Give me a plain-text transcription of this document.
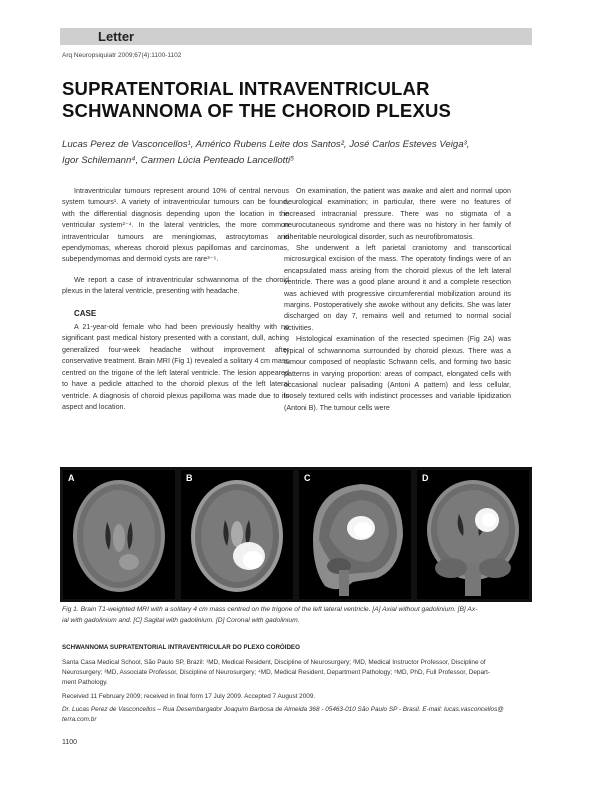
Letter
Arq Neuropsiquiatr 2009;67(4):1100-1102
SUPRATENTORIAL INTRAVENTRICULAR
SCHWANNOMA OF THE CHOROID PLEXUS
Lucas Perez de Vasconcellos¹, Américo Rubens Leite dos Santos², José Carlos Esteves Veiga³,
Igor Schilemann⁴, Carmen Lúcia Penteado Lancellotti⁵

Intraventricular tumours represent around 10% of central nervous system tumours¹. A variety of intraventricular tumours can be found, with the differential diagnosis depending upon the location in the ventricular system²⁻⁴. In the lateral ventricles, the more common intraventricular tumours are meningiomas, astrocytomas and ependymomas, whereas choroid plexus papillomas and carcinomas, subependymomas and dermoid cysts are rare³⁻⁵.

We report a case of intraventricular schwannoma of the choroid plexus in the lateral ventricle, presenting with headache.

CASE

A 21-year-old female who had been previously healthy with no significant past medical history presented with a constant, dull, aching generalized four-week headache without improvement after conservative treatment. Brain MRI (Fig 1) revealed a solitary 4 cm mass centred on the trigone of the left lateral ventricle. The lesion appeared to have a pedicle attached to the choroid plexus of the left lateral ventricle. A diagnosis of choroid plexus papilloma was made due to its aspect and location.

On examination, the patient was awake and alert and normal upon neurological examination; in particular, there were no features of increased intracranial pressure. There was no stigmata of a neurocutaneous syndrome and there was no history in her family of inheritable neurological disorder, such as neurofibromatosis.

She underwent a left parietal craniotomy and transcortical microsurgical excision of the mass. The operatoty findings were of an encapsulated mass arising from the choroid plexus of the left lateral ventricle. There was a good plane around it and a complete resection was achieved with progressive circumferential mobilization around its margins. Postoperatively she awoke without any deficits. She was later discharged on day 7, remains well and returned to normal social activities.

Histological examination of the resected specimen (Fig 2A) was typical of schwannoma surrounded by choroid plexus. There was a tumour composed of neoplastic Schwann cells, and forming two basic patterns in varying proportion: areas of compact, elongated cells with occasional nuclear palisading (Antoni A pattern) and less cellular, loosely textured cells with indistinct processes and variable lipidization (Antoni B). The tumour cells were

A	B	C	D
Fig 1. Brain T1-weighted MRI with a solitary 4 cm mass centred on the trigone of the left lateral ventricle. [A] Axial without gadolinium. [B] Ax-
ial with gadolinium and. [C] Sagital with gadolinium. [D] Coronal with gadolinium.
SCHWANNOMA SUPRATENTORIAL INTRAVENTRICULAR DO PLEXO CORÓIDEO
Santa Casa Medical School, São Paulo SP, Brazil: ¹MD, Medical Resident, Discipline of Neurosurgery; ²MD, Medical Instructor Professor, Discipline of
Neurosurgery; ³MD, Associate Professor, Discipline of Neurosurgery; ⁴MD, Medical Resident, Department Pathology; ⁵MD, PhD, Full Professor, Depart-
ment Pathology.
Received 11 February 2009; received in final form 17 July 2009. Accepted 7 August 2009.
Dr. Lucas Perez de Vasconcellos – Rua Desembargador Joaquim Barbosa de Almeida 368 - 05463-010 São Paulo SP - Brasil. E-mail: lucas.vasconcellos@
terra.com.br
1100
